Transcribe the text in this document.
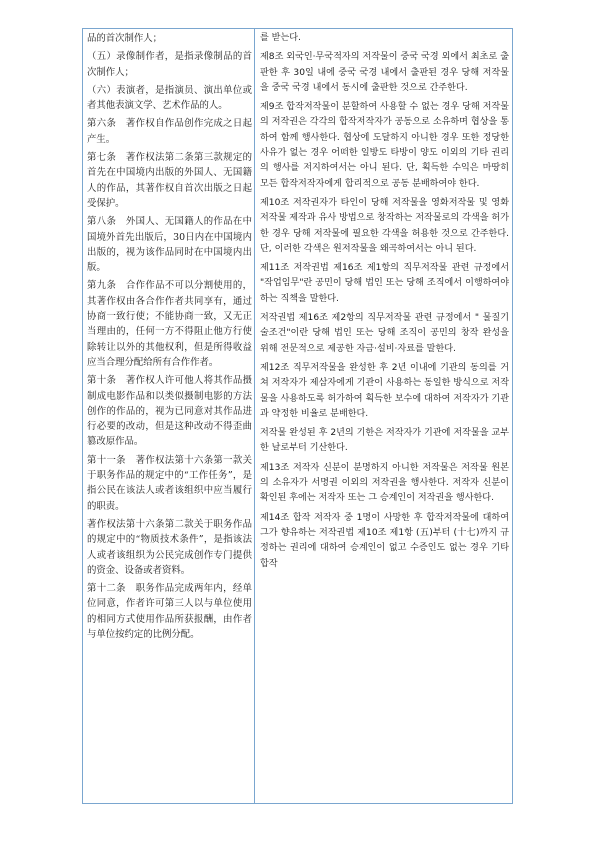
品的首次制作人；

（五）录像制作者，是指录像制品的首次制作人；

（六）表演者，是指演员、演出单位或者其他表演文学、艺术作品的人。

第六条　著作权自作品创作完成之日起产生。

第七条　著作权法第二条第三款规定的首先在中国境内出版的外国人、无国籍人的作品，其著作权自首次出版之日起受保护。

第八条　外国人、无国籍人的作品在中国境外首先出版后，30日内在中国境内出版的，视为该作品同时在中国境内出版。

第九条　合作作品不可以分割使用的，其著作权由各合作作者共同享有，通过协商一致行使；不能协商一致，又无正当理由的，任何一方不得阻止他方行使除转让以外的其他权利，但是所得收益应当合理分配给所有合作作者。

第十条　著作权人许可他人将其作品摄制成电影作品和以类似摄制电影的方法创作的作品的，视为已同意对其作品进行必要的改动，但是这种改动不得歪曲篡改原作品。

第十一条　著作权法第十六条第一款关于职务作品的规定中的“工作任务”，是指公民在该法人或者该组织中应当履行的职责。

著作权法第十六条第二款关于职务作品的规定中的“物质技术条件”，是指该法人或者该组织为公民完成创作专门提供的资金、设备或者资料。

第十二条　职务作品完成两年内，经单位同意，作者许可第三人以与单位使用的相同方式使用作品所获报酬，由作者与单位按约定的比例分配。

를 받는다.

제8조 외국인·무국적자의 저작물이 중국 국경 외에서 최초로 출판한 후 30일 내에 중국 국경 내에서 출판된 경우 당해 저작물을 중국 국경 내에서 동시에 출판한 것으로 간주한다.

제9조 합작저작물이 분할하여 사용할 수 없는 경우 당해 저작물의 저작권은 각각의 합작저작자가 공동으로 소유하며 협상을 통하여 함께 행사한다. 협상에 도달하지 아니한 경우 또한 정당한 사유가 없는 경우 어떠한 일방도 타방이 양도 이외의 기타 권리의 행사를 저지하여서는 아니 된다. 단, 획득한 수익은 마땅히 모든 합작저작자에게 합리적으로 공동 분배하여야 한다.

제10조 저작권자가 타인이 당해 저작물을 영화저작물 및 영화저작물 제작과 유사 방법으로 창작하는 저작물로의 각색을 허가한 경우 당해 저작물에 필요한 각색을 허용한 것으로 간주한다. 단, 이러한 각색은 원저작물을 왜곡하여서는 아니 된다.

제11조 저작권법 제16조 제1항의 직무저작물 관련 규정에서 "작업임무"란 공민이 당해 법인 또는 당해 조직에서 이행하여야 하는 직책을 말한다.

저작권법 제16조 제2항의 직무저작물 관련 규정에서 " 물질기술조건"이란 당해 법인 또는 당해 조직이 공민의 창작 완성을 위해 전문적으로 제공한 자금·설비·자료를 말한다.

제12조 직무저작물을 완성한 후 2년 이내에 기관의 동의를 거쳐 저작자가 제삼자에게 기관이 사용하는 동일한 방식으로 저작물을 사용하도록 허가하여 획득한 보수에 대하여 저작자가 기관과 약정한 비율로 분배한다.

저작물 완성된 후 2년의 기한은 저작자가 기관에 저작물을 교부한 날로부터 기산한다.

제13조 저작자 신분이 분명하지 아니한 저작물은 저작물 원본의 소유자가 서명권 이외의 저작권을 행사한다. 저작자 신분이 확인된 후에는 저작자 또는 그 승계인이 저작권을 행사한다.

제14조 합작 저작자 중 1명이 사망한 후 합작저작물에 대하여 그가 향유하는 저작권법 제10조 제1항 (五)부터 (十七)까지 규정하는 권리에 대하여 승계인이 없고 수증인도 없는 경우 기타 합작
